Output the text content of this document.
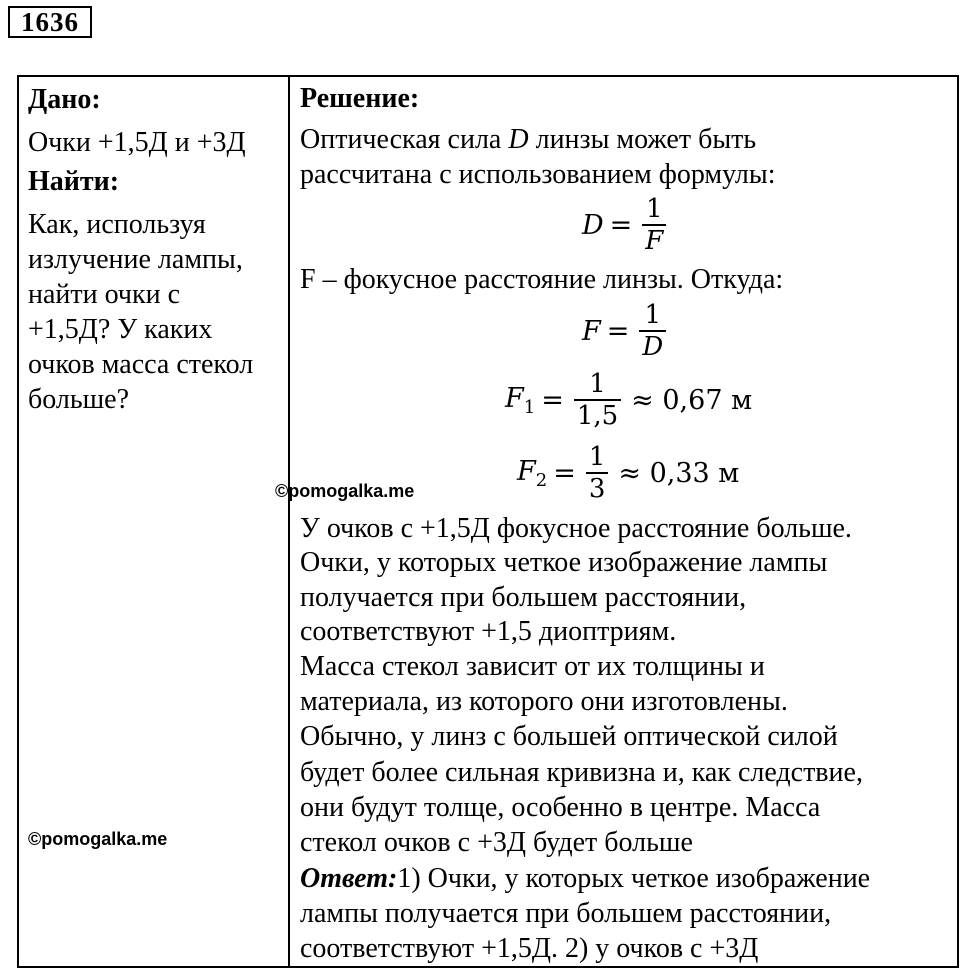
1636
Дано:
Очки +1,5Д и +3Д
Найти:
Как, используя
излучение лампы,
найти очки с
+1,5Д? У каких
очков масса стекол
больше?
Решение:
Оптическая сила D линзы может быть
рассчитана с использованием формулы:
$D = \frac{1}{F}$
F – фокусное расстояние линзы. Откуда:
$F = \frac{1}{D}$
$F_1 = \frac{1}{1,5} \approx 0,67$ м
$F_2 = \frac{1}{3} \approx 0,33$ м
©pomogalka.me
У очков с +1,5Д фокусное расстояние больше.
Очки, у которых четкое изображение лампы
получается при большем расстоянии,
соответствуют +1,5 диоптриям.
Масса стекол зависит от их толщины и
материала, из которого они изготовлены.
Обычно, у линз с большей оптической силой
будет более сильная кривизна и, как следствие,
они будут толще, особенно в центре. Масса
стекол очков с +3Д будет больше
©pomogalka.me
Ответ:1) Очки, у которых четкое изображение
лампы получается при большем расстоянии,
соответствуют +1,5Д. 2) у очков с +3Д
